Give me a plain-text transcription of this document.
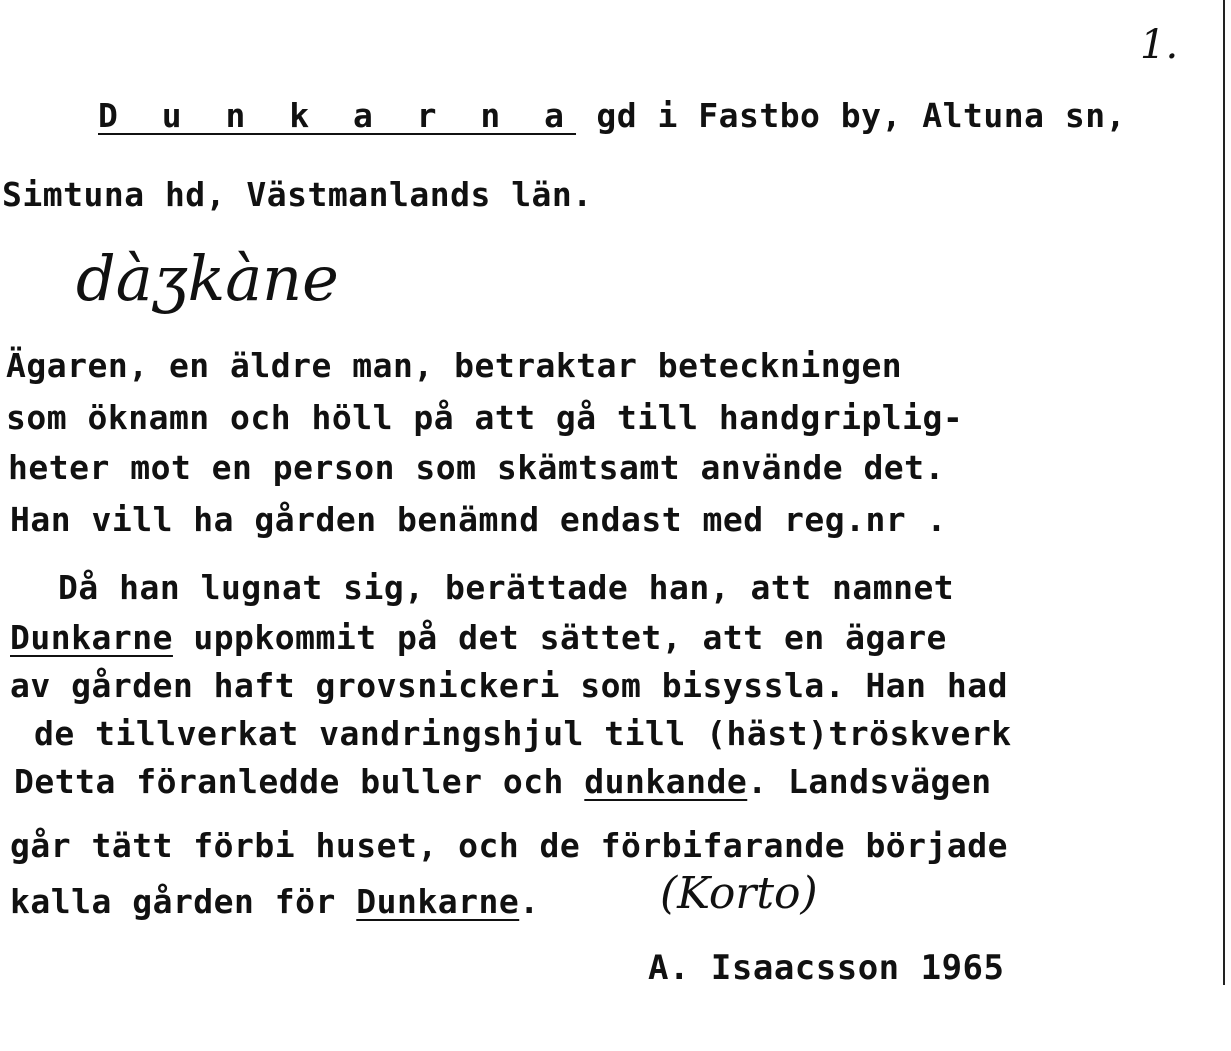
1.
D u n k a r n a gd i Fastbo by, Altuna sn,
Simtuna hd, Västmanlands län.
dàʒkàne
Ägaren, en äldre man, betraktar beteckningen
som öknamn och höll på att gå till handgriplig-
heter mot en person som skämtsamt använde det.
Han vill ha gården benämnd endast med reg.nr .
Då han lugnat sig, berättade han, att namnet
Dunkarne uppkommit på det sättet, att en ägare
av gården haft grovsnickeri som bisyssla. Han had
de tillverkat vandringshjul till (häst)tröskverk
Detta föranledde buller och dunkande. Landsvägen
går tätt förbi huset, och de förbifarande började
kalla gården för Dunkarne.	(Korto)
A. Isaacsson 1965
